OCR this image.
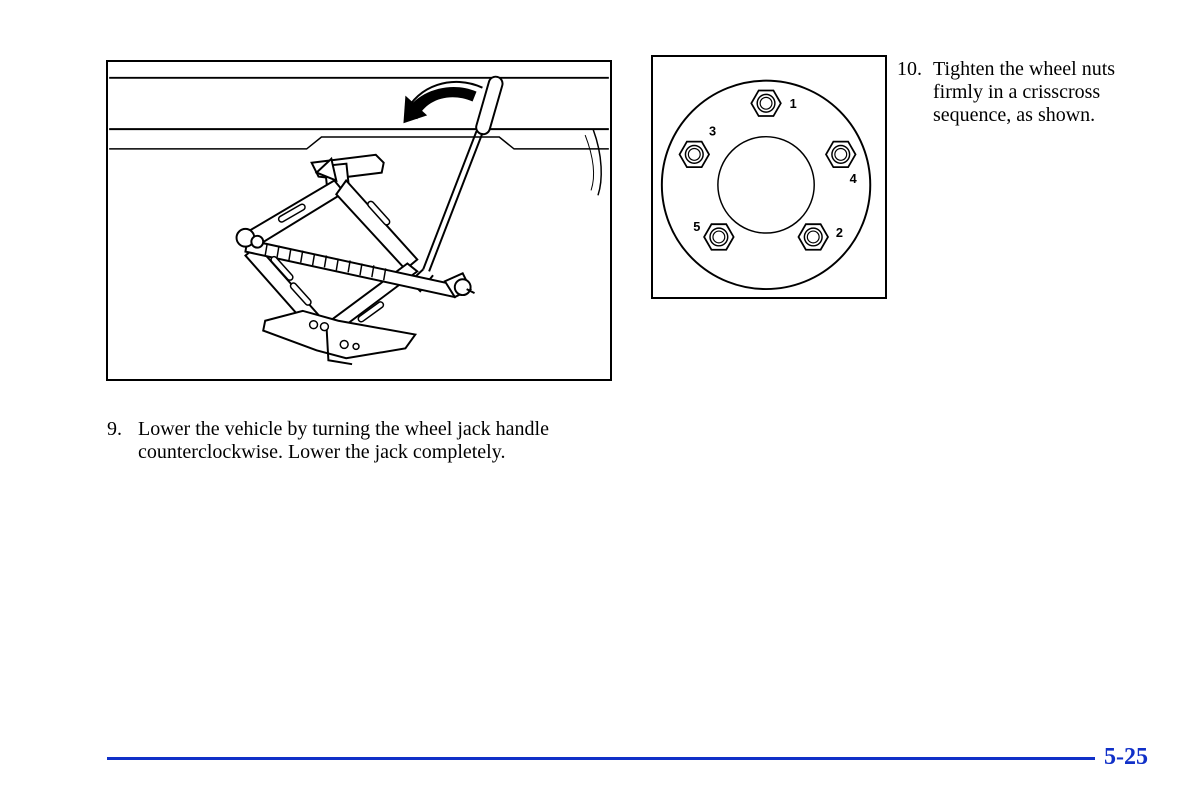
1
2
3
4
5
9. Lower the vehicle by turning the wheel jack handle counterclockwise. Lower the jack completely.
10. Tighten the wheel nuts firmly in a crisscross sequence, as shown.
5-25
